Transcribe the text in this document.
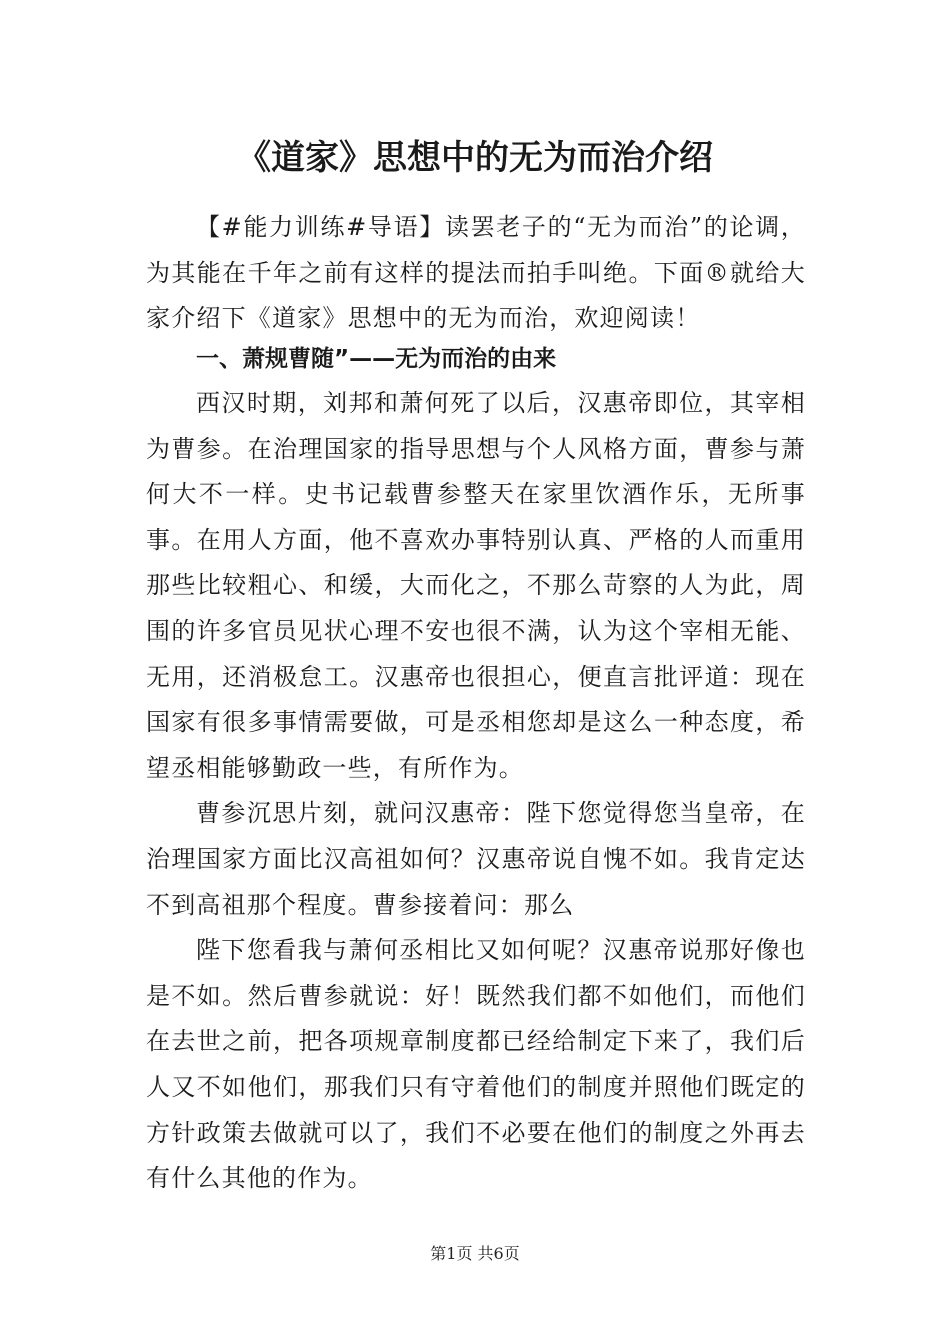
《道家》思想中的无为而治介绍

【#能力训练#导语】读罢老子的“无为而治”的论调，为其能在千年之前有这样的提法而拍手叫绝。下面®就给大家介绍下《道家》思想中的无为而治，欢迎阅读！

一、萧规曹随”——无为而治的由来

西汉时期，刘邦和萧何死了以后，汉惠帝即位，其宰相为曹参。在治理国家的指导思想与个人风格方面，曹参与萧何大不一样。史书记载曹参整天在家里饮酒作乐，无所事事。在用人方面，他不喜欢办事特别认真、严格的人而重用那些比较粗心、和缓，大而化之，不那么苛察的人为此，周围的许多官员见状心理不安也很不满，认为这个宰相无能、无用，还消极怠工。汉惠帝也很担心，便直言批评道：现在国家有很多事情需要做，可是丞相您却是这么一种态度，希望丞相能够勤政一些，有所作为。

曹参沉思片刻，就问汉惠帝：陛下您觉得您当皇帝，在治理国家方面比汉高祖如何？汉惠帝说自愧不如。我肯定达不到高祖那个程度。曹参接着问：那么

陛下您看我与萧何丞相比又如何呢？汉惠帝说那好像也是不如。然后曹参就说：好！既然我们都不如他们，而他们在去世之前，把各项规章制度都已经给制定下来了，我们后人又不如他们，那我们只有守着他们的制度并照他们既定的方针政策去做就可以了，我们不必要在他们的制度之外再去有什么其他的作为。

第1页 共6页
